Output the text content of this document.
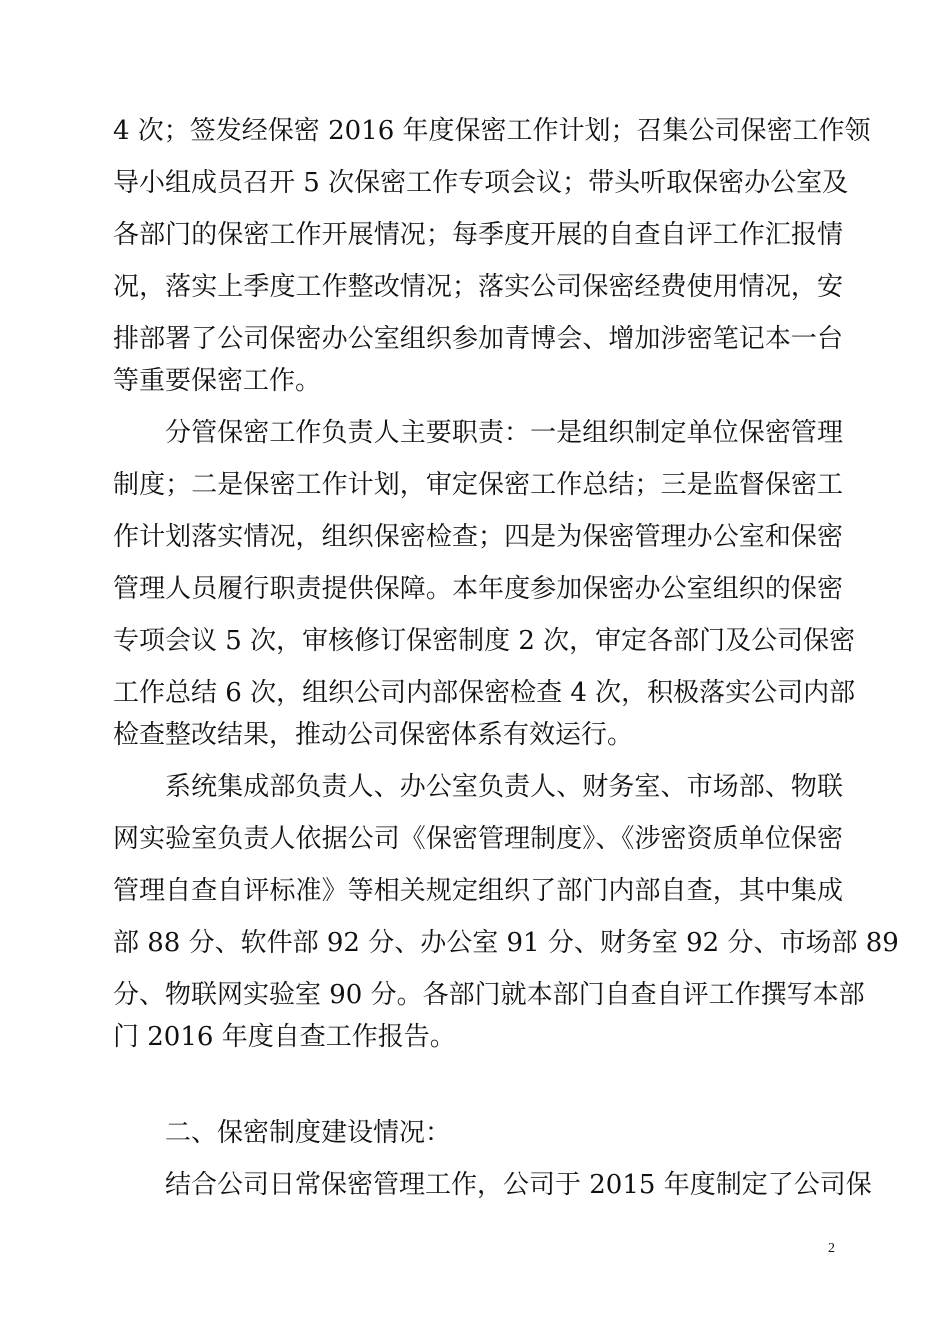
4 次；签发经保密 2016 年度保密工作计划；召集公司保密工作领
导小组成员召开 5 次保密工作专项会议；带头听取保密办公室及
各部门的保密工作开展情况；每季度开展的自查自评工作汇报情
况，落实上季度工作整改情况；落实公司保密经费使用情况，安
排部署了公司保密办公室组织参加青博会、增加涉密笔记本一台
等重要保密工作。
分管保密工作负责人主要职责：一是组织制定单位保密管理
制度；二是保密工作计划，审定保密工作总结；三是监督保密工
作计划落实情况，组织保密检查；四是为保密管理办公室和保密
管理人员履行职责提供保障。本年度参加保密办公室组织的保密
专项会议 5 次，审核修订保密制度 2 次，审定各部门及公司保密
工作总结 6 次，组织公司内部保密检查 4 次，积极落实公司内部
检查整改结果，推动公司保密体系有效运行。
系统集成部负责人、办公室负责人、财务室、市场部、物联
网实验室负责人依据公司《保密管理制度》、《涉密资质单位保密
管理自查自评标准》等相关规定组织了部门内部自查，其中集成
部 88 分、软件部 92 分、办公室 91 分、财务室 92 分、市场部 89
分、物联网实验室 90 分。各部门就本部门自查自评工作撰写本部
门 2016 年度自查工作报告。
二、保密制度建设情况：
结合公司日常保密管理工作，公司于 2015 年度制定了公司保
2
